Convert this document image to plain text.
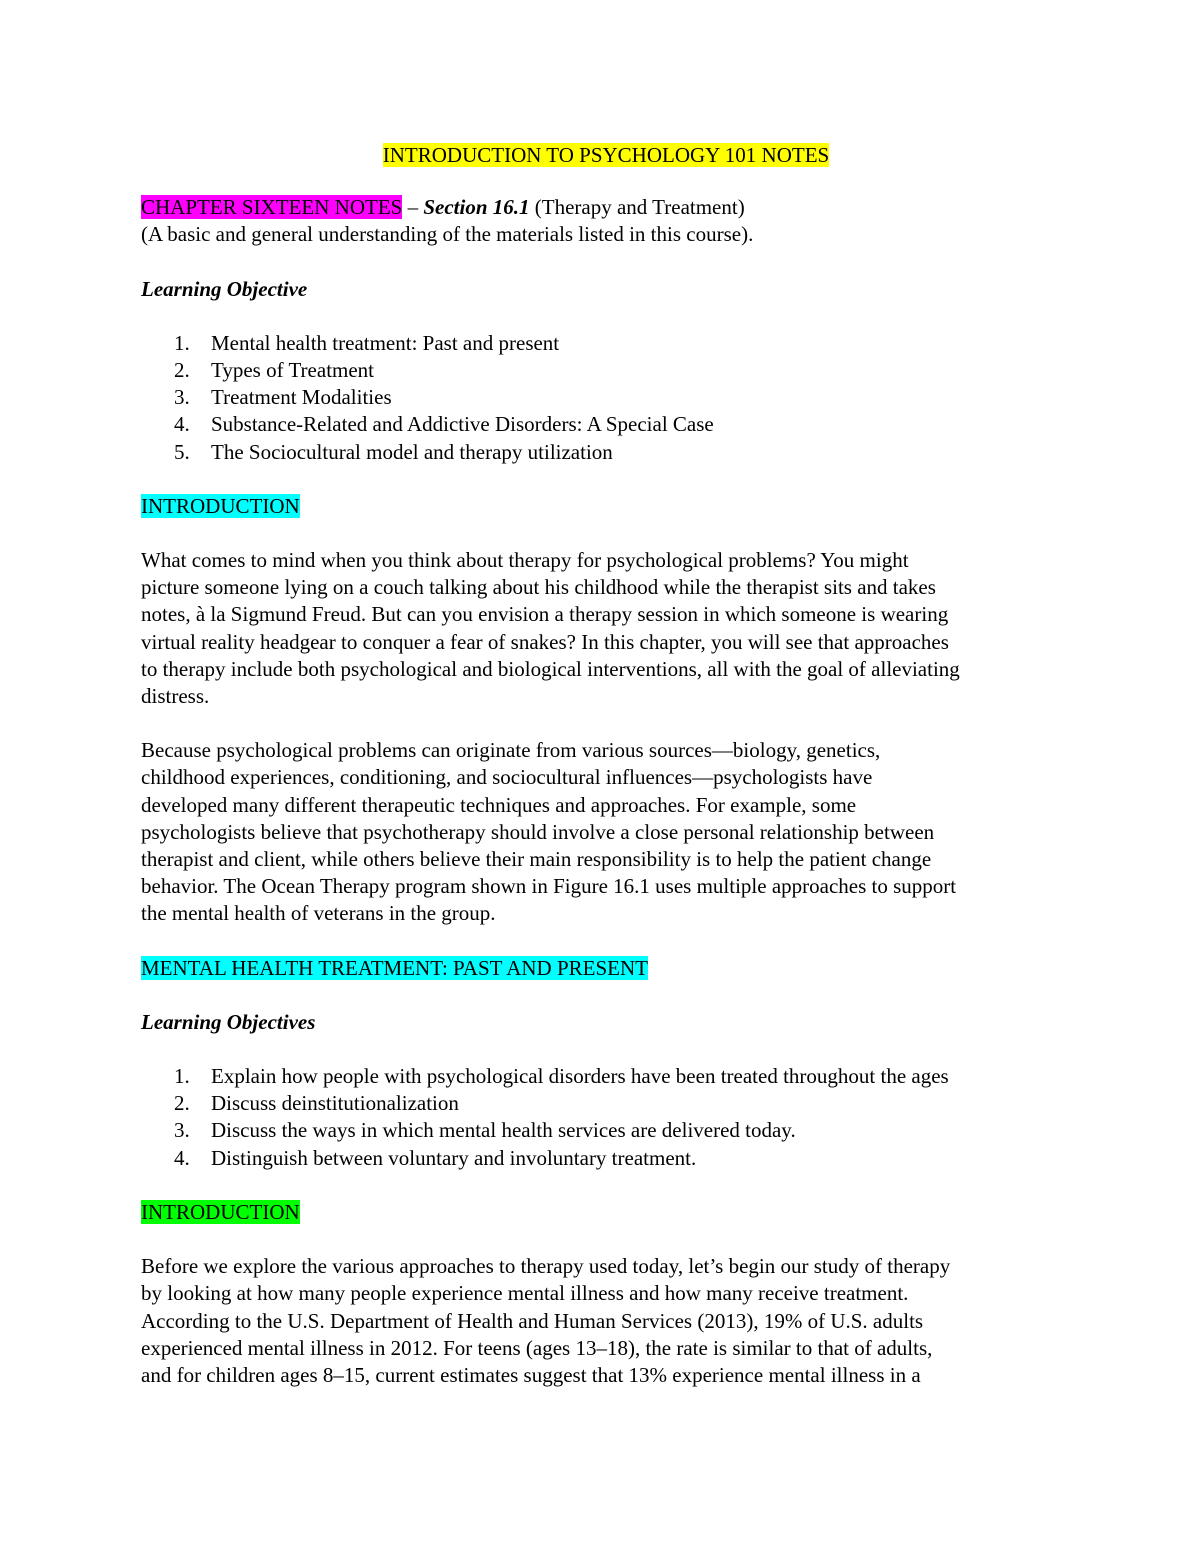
INTRODUCTION TO PSYCHOLOGY 101 NOTES

CHAPTER SIXTEEN NOTES – Section 16.1 (Therapy and Treatment)

(A basic and general understanding of the materials listed in this course).

Learning Objective

1.	Mental health treatment: Past and present
2.	Types of Treatment
3.	Treatment Modalities
4.	Substance-Related and Addictive Disorders: A Special Case
5.	The Sociocultural model and therapy utilization

INTRODUCTION

What comes to mind when you think about therapy for psychological problems? You might
picture someone lying on a couch talking about his childhood while the therapist sits and takes
notes, à la Sigmund Freud. But can you envision a therapy session in which someone is wearing
virtual reality headgear to conquer a fear of snakes? In this chapter, you will see that approaches
to therapy include both psychological and biological interventions, all with the goal of alleviating
distress.

Because psychological problems can originate from various sources—biology, genetics,
childhood experiences, conditioning, and sociocultural influences—psychologists have
developed many different therapeutic techniques and approaches. For example, some
psychologists believe that psychotherapy should involve a close personal relationship between
therapist and client, while others believe their main responsibility is to help the patient change
behavior. The Ocean Therapy program shown in Figure 16.1 uses multiple approaches to support
the mental health of veterans in the group.

MENTAL HEALTH TREATMENT: PAST AND PRESENT

Learning Objectives

1.	Explain how people with psychological disorders have been treated throughout the ages
2.	Discuss deinstitutionalization
3.	Discuss the ways in which mental health services are delivered today.
4.	Distinguish between voluntary and involuntary treatment.

INTRODUCTION

Before we explore the various approaches to therapy used today, let’s begin our study of therapy
by looking at how many people experience mental illness and how many receive treatment.
According to the U.S. Department of Health and Human Services (2013), 19% of U.S. adults
experienced mental illness in 2012. For teens (ages 13–18), the rate is similar to that of adults,
and for children ages 8–15, current estimates suggest that 13% experience mental illness in a
